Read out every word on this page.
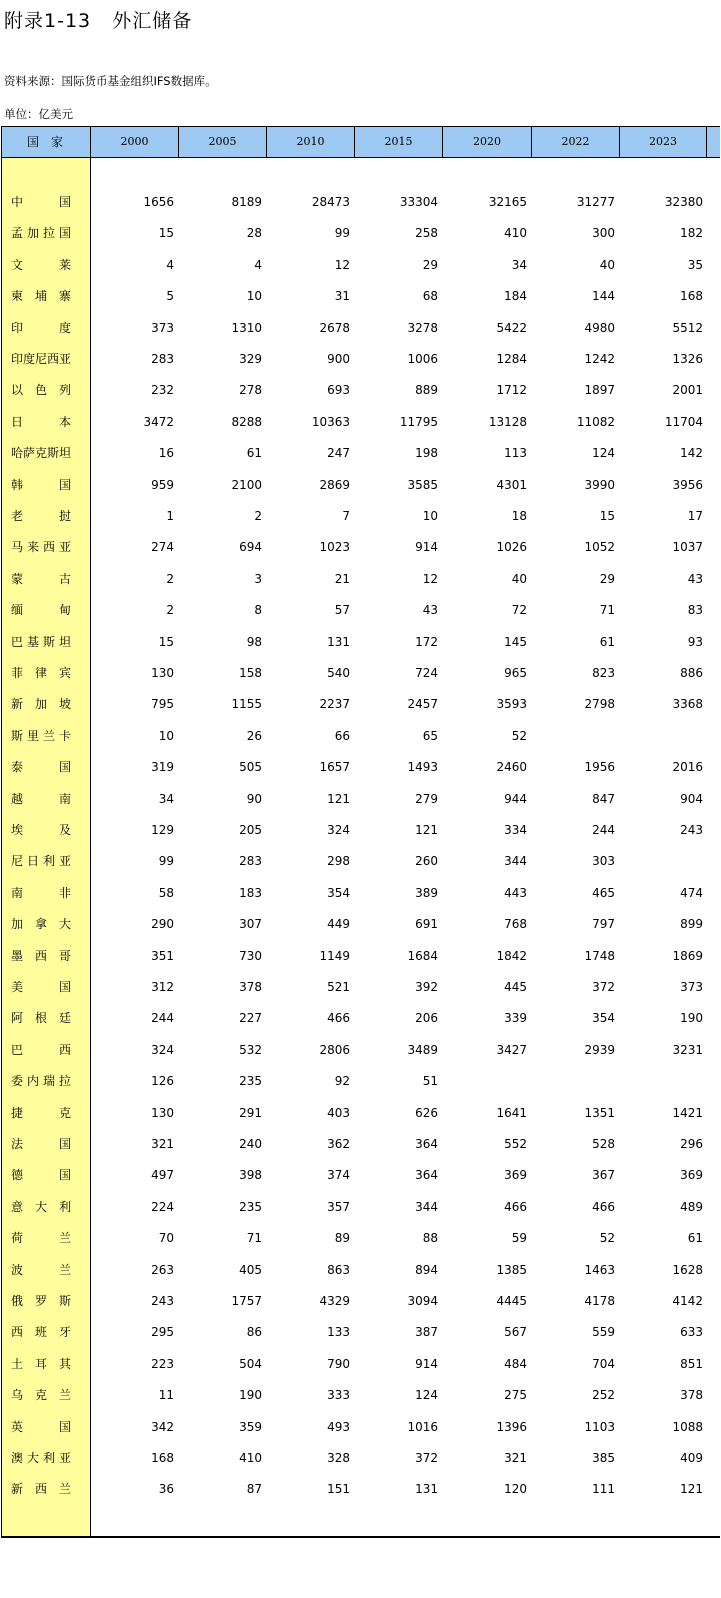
附录1-13   外汇储备
资料来源：国际货币基金组织IFS数据库。
单位：亿美元
国家	2000	2005	2010	2015	2020	2022	2023
中国	1656	8189	28473	33304	32165	31277	32380
孟加拉国	15	28	99	258	410	300	182
文莱	4	4	12	29	34	40	35
柬埔寨	5	10	31	68	184	144	168
印度	373	1310	2678	3278	5422	4980	5512
印度尼西亚	283	329	900	1006	1284	1242	1326
以色列	232	278	693	889	1712	1897	2001
日本	3472	8288	10363	11795	13128	11082	11704
哈萨克斯坦	16	61	247	198	113	124	142
韩国	959	2100	2869	3585	4301	3990	3956
老挝	1	2	7	10	18	15	17
马来西亚	274	694	1023	914	1026	1052	1037
蒙古	2	3	21	12	40	29	43
缅甸	2	8	57	43	72	71	83
巴基斯坦	15	98	131	172	145	61	93
菲律宾	130	158	540	724	965	823	886
新加坡	795	1155	2237	2457	3593	2798	3368
斯里兰卡	10	26	66	65	52
泰国	319	505	1657	1493	2460	1956	2016
越南	34	90	121	279	944	847	904
埃及	129	205	324	121	334	244	243
尼日利亚	99	283	298	260	344	303
南非	58	183	354	389	443	465	474
加拿大	290	307	449	691	768	797	899
墨西哥	351	730	1149	1684	1842	1748	1869
美国	312	378	521	392	445	372	373
阿根廷	244	227	466	206	339	354	190
巴西	324	532	2806	3489	3427	2939	3231
委内瑞拉	126	235	92	51
捷克	130	291	403	626	1641	1351	1421
法国	321	240	362	364	552	528	296
德国	497	398	374	364	369	367	369
意大利	224	235	357	344	466	466	489
荷兰	70	71	89	88	59	52	61
波兰	263	405	863	894	1385	1463	1628
俄罗斯	243	1757	4329	3094	4445	4178	4142
西班牙	295	86	133	387	567	559	633
土耳其	223	504	790	914	484	704	851
乌克兰	11	190	333	124	275	252	378
英国	342	359	493	1016	1396	1103	1088
澳大利亚	168	410	328	372	321	385	409
新西兰	36	87	151	131	120	111	121
